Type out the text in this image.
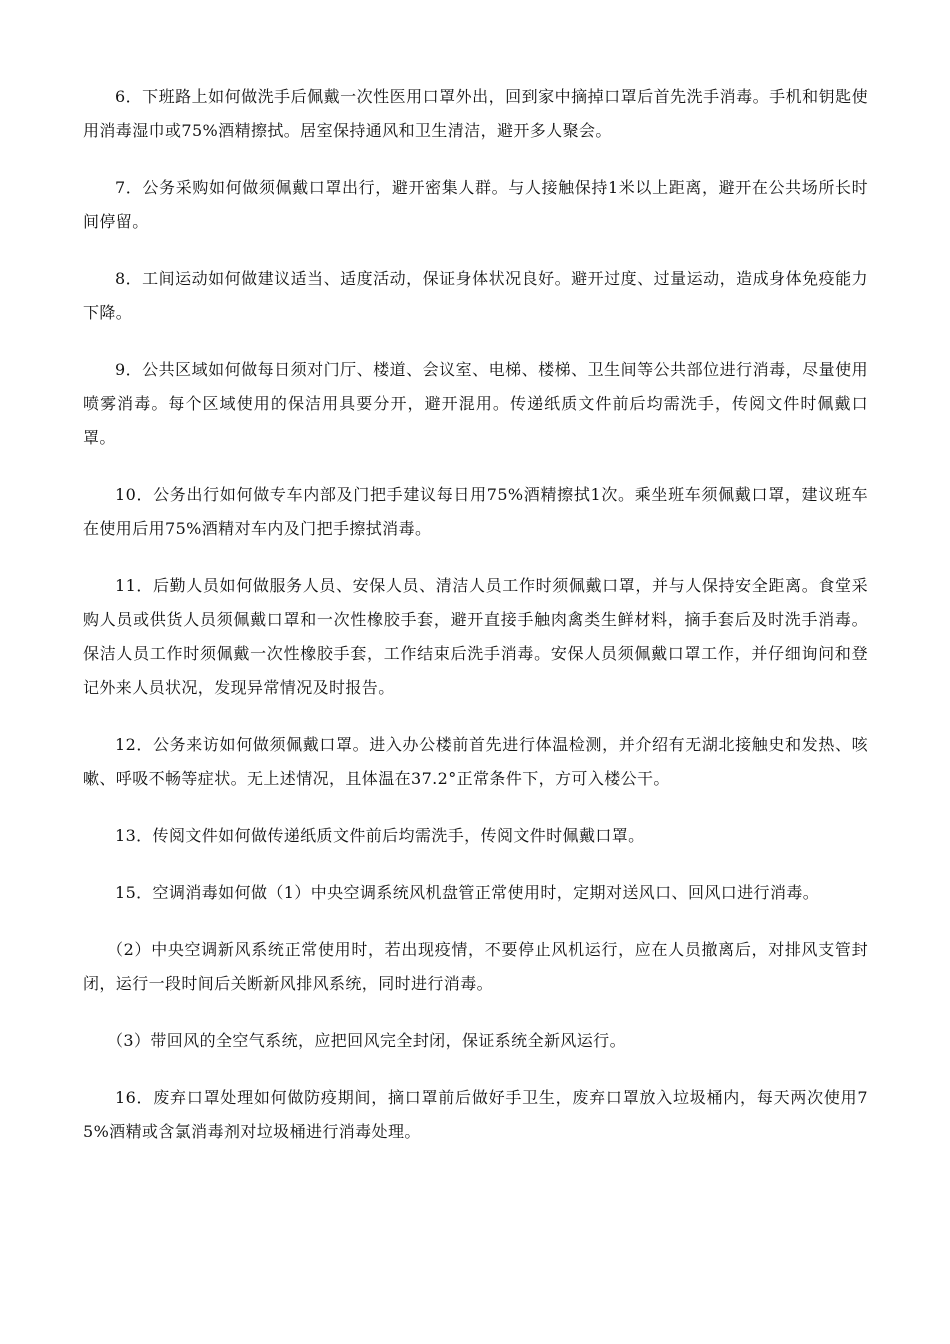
6．下班路上如何做洗手后佩戴一次性医用口罩外出，回到家中摘掉口罩后首先洗手消毒。手机和钥匙使用消毒湿巾或75%酒精擦拭。居室保持通风和卫生清洁，避开多人聚会。

7．公务采购如何做须佩戴口罩出行，避开密集人群。与人接触保持1米以上距离，避开在公共场所长时间停留。

8．工间运动如何做建议适当、适度活动，保证身体状况良好。避开过度、过量运动，造成身体免疫能力下降。

9．公共区域如何做每日须对门厅、楼道、会议室、电梯、楼梯、卫生间等公共部位进行消毒，尽量使用喷雾消毒。每个区域使用的保洁用具要分开，避开混用。传递纸质文件前后均需洗手，传阅文件时佩戴口罩。

10．公务出行如何做专车内部及门把手建议每日用75%酒精擦拭1次。乘坐班车须佩戴口罩，建议班车在使用后用75%酒精对车内及门把手擦拭消毒。

11．后勤人员如何做服务人员、安保人员、清洁人员工作时须佩戴口罩，并与人保持安全距离。食堂采购人员或供货人员须佩戴口罩和一次性橡胶手套，避开直接手触肉禽类生鲜材料，摘手套后及时洗手消毒。保洁人员工作时须佩戴一次性橡胶手套，工作结束后洗手消毒。安保人员须佩戴口罩工作，并仔细询问和登记外来人员状况，发现异常情况及时报告。

12．公务来访如何做须佩戴口罩。进入办公楼前首先进行体温检测，并介绍有无湖北接触史和发热、咳嗽、呼吸不畅等症状。无上述情况，且体温在37.2°正常条件下，方可入楼公干。

13．传阅文件如何做传递纸质文件前后均需洗手，传阅文件时佩戴口罩。

15．空调消毒如何做（1）中央空调系统风机盘管正常使用时，定期对送风口、回风口进行消毒。

（2）中央空调新风系统正常使用时，若出现疫情，不要停止风机运行，应在人员撤离后，对排风支管封闭，运行一段时间后关断新风排风系统，同时进行消毒。

（3）带回风的全空气系统，应把回风完全封闭，保证系统全新风运行。

16．废弃口罩处理如何做防疫期间，摘口罩前后做好手卫生，废弃口罩放入垃圾桶内，每天两次使用75%酒精或含氯消毒剂对垃圾桶进行消毒处理。
